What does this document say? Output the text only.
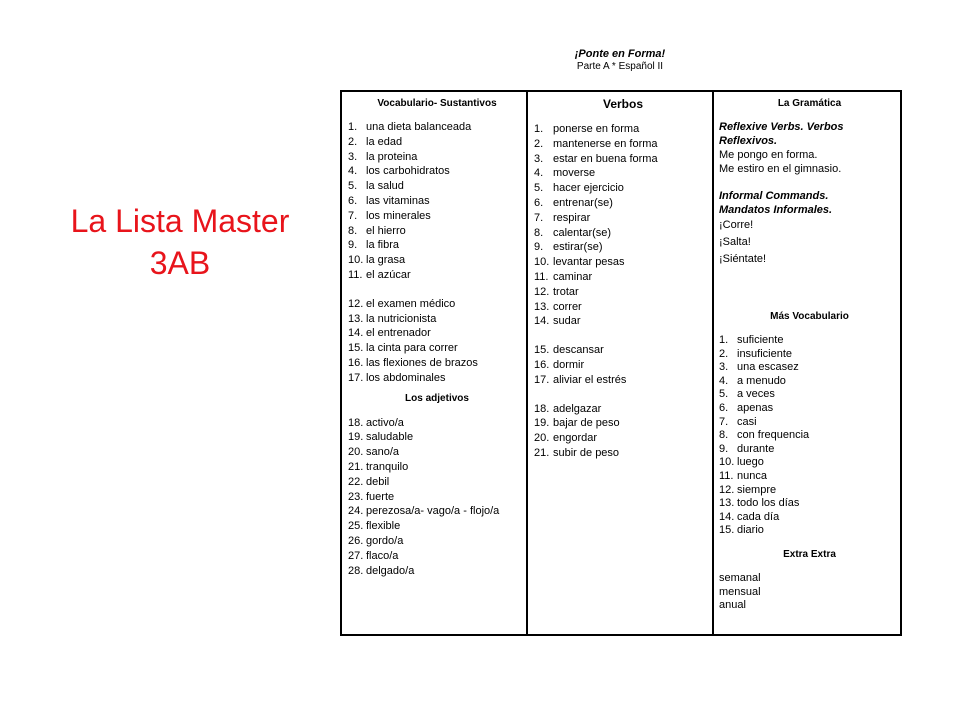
La Lista Master
3AB
¡Ponte en Forma!
Parte A * Español II
Vocabulario- Sustantivos
1. una dieta balanceada
2. la edad
3. la proteina
4. los carbohidratos
5. la salud
6. las vitaminas
7. los minerales
8. el hierro
9. la fibra
10. la grasa
11. el azúcar
12. el examen médico
13. la nutricionista
14. el entrenador
15. la cinta para correr
16. las flexiones de brazos
17. los abdominales
Los adjetivos
18. activo/a
19. saludable
20. sano/a
21. tranquilo
22. debil
23. fuerte
24. perezosa/a- vago/a - flojo/a
25. flexible
26. gordo/a
27. flaco/a
28. delgado/a
Verbos
1. ponerse en forma
2. mantenerse en forma
3. estar en buena forma
4. moverse
5. hacer ejercicio
6. entrenar(se)
7. respirar
8. calentar(se)
9. estirar(se)
10. levantar pesas
11. caminar
12. trotar
13. correr
14. sudar
15. descansar
16. dormir
17. aliviar el estrés
18. adelgazar
19. bajar de peso
20. engordar
21. subir de peso
La Gramática
Reflexive Verbs. Verbos
Reflexivos.
Me pongo en forma.
Me estiro en el gimnasio.
Informal Commands.
Mandatos Informales.
¡Corre!
¡Salta!
¡Siéntate!
Más Vocabulario
1. suficiente
2. insuficiente
3. una escasez
4. a menudo
5. a veces
6. apenas
7. casi
8. con frequencia
9. durante
10. luego
11. nunca
12. siempre
13. todo los días
14. cada día
15. diario
Extra Extra
semanal
mensual
anual
